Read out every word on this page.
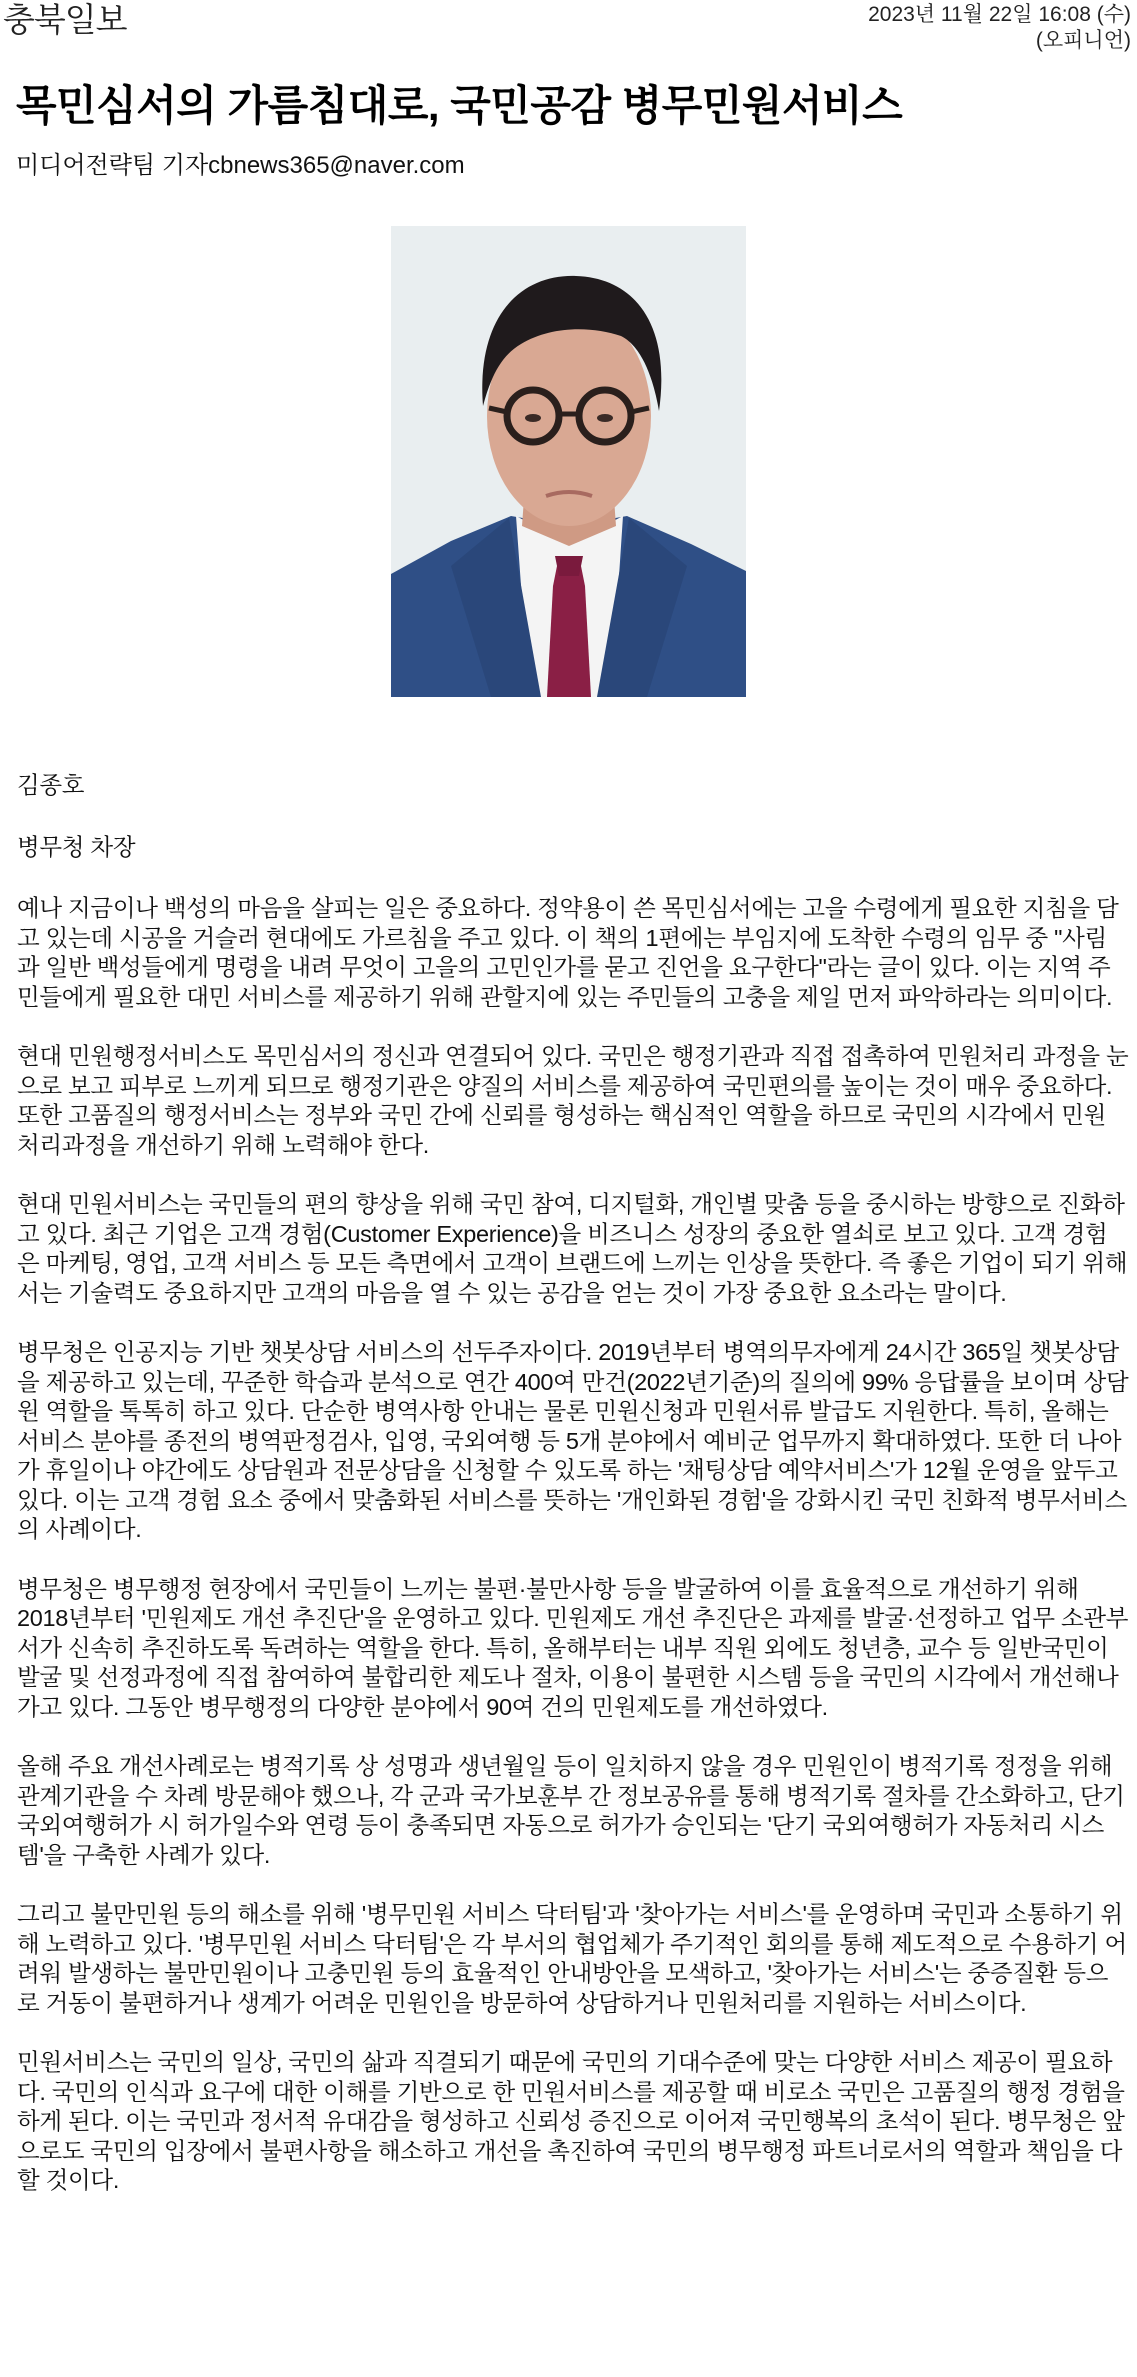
충북일보	2023년 11월 22일 16:08 (수)
(오피니언)
목민심서의 가름침대로, 국민공감 병무민원서비스
미디어전략팀 기자cbnews365@naver.com

김종호

병무청 차장

예나 지금이나 백성의 마음을 살피는 일은 중요하다. 정약용이 쓴 목민심서에는 고을 수령에게 필요한 지침을 담고 있는데 시공을 거슬러 현대에도 가르침을 주고 있다. 이 책의 1편에는 부임지에 도착한 수령의 임무 중 "사림과 일반 백성들에게 명령을 내려 무엇이 고을의 고민인가를 묻고 진언을 요구한다"라는 글이 있다. 이는 지역 주민들에게 필요한 대민 서비스를 제공하기 위해 관할지에 있는 주민들의 고충을 제일 먼저 파악하라는 의미이다.

현대 민원행정서비스도 목민심서의 정신과 연결되어 있다. 국민은 행정기관과 직접 접촉하여 민원처리 과정을 눈으로 보고 피부로 느끼게 되므로 행정기관은 양질의 서비스를 제공하여 국민편의를 높이는 것이 매우 중요하다. 또한 고품질의 행정서비스는 정부와 국민 간에 신뢰를 형성하는 핵심적인 역할을 하므로 국민의 시각에서 민원 처리과정을 개선하기 위해 노력해야 한다.

현대 민원서비스는 국민들의 편의 향상을 위해 국민 참여, 디지털화, 개인별 맞춤 등을 중시하는 방향으로 진화하고 있다. 최근 기업은 고객 경험(Customer Experience)을 비즈니스 성장의 중요한 열쇠로 보고 있다. 고객 경험은 마케팅, 영업, 고객 서비스 등 모든 측면에서 고객이 브랜드에 느끼는 인상을 뜻한다. 즉 좋은 기업이 되기 위해서는 기술력도 중요하지만 고객의 마음을 열 수 있는 공감을 얻는 것이 가장 중요한 요소라는 말이다.

병무청은 인공지능 기반 챗봇상담 서비스의 선두주자이다. 2019년부터 병역의무자에게 24시간 365일 챗봇상담을 제공하고 있는데, 꾸준한 학습과 분석으로 연간 400여 만건(2022년기준)의 질의에 99% 응답률을 보이며 상담원 역할을 톡톡히 하고 있다. 단순한 병역사항 안내는 물론 민원신청과 민원서류 발급도 지원한다. 특히, 올해는 서비스 분야를 종전의 병역판정검사, 입영, 국외여행 등 5개 분야에서 예비군 업무까지 확대하였다. 또한 더 나아가 휴일이나 야간에도 상담원과 전문상담을 신청할 수 있도록 하는 '채팅상담 예약서비스'가 12월 운영을 앞두고 있다. 이는 고객 경험 요소 중에서 맞춤화된 서비스를 뜻하는 '개인화된 경험'을 강화시킨 국민 친화적 병무서비스의 사례이다.

병무청은 병무행정 현장에서 국민들이 느끼는 불편·불만사항 등을 발굴하여 이를 효율적으로 개선하기 위해 2018년부터 '민원제도 개선 추진단'을 운영하고 있다. 민원제도 개선 추진단은 과제를 발굴·선정하고 업무 소관부서가 신속히 추진하도록 독려하는 역할을 한다. 특히, 올해부터는 내부 직원 외에도 청년층, 교수 등 일반국민이 발굴 및 선정과정에 직접 참여하여 불합리한 제도나 절차, 이용이 불편한 시스템 등을 국민의 시각에서 개선해나가고 있다. 그동안 병무행정의 다양한 분야에서 90여 건의 민원제도를 개선하였다.

올해 주요 개선사례로는 병적기록 상 성명과 생년월일 등이 일치하지 않을 경우 민원인이 병적기록 정정을 위해 관계기관을 수 차례 방문해야 했으나, 각 군과 국가보훈부 간 정보공유를 통해 병적기록 절차를 간소화하고, 단기 국외여행허가 시 허가일수와 연령 등이 충족되면 자동으로 허가가 승인되는 '단기 국외여행허가 자동처리 시스템'을 구축한 사례가 있다.

그리고 불만민원 등의 해소를 위해 '병무민원 서비스 닥터팀'과 '찾아가는 서비스'를 운영하며 국민과 소통하기 위해 노력하고 있다. '병무민원 서비스 닥터팀'은 각 부서의 협업체가 주기적인 회의를 통해 제도적으로 수용하기 어려워 발생하는 불만민원이나 고충민원 등의 효율적인 안내방안을 모색하고, '찾아가는 서비스'는 중증질환 등으로 거동이 불편하거나 생계가 어려운 민원인을 방문하여 상담하거나 민원처리를 지원하는 서비스이다.

민원서비스는 국민의 일상, 국민의 삶과 직결되기 때문에 국민의 기대수준에 맞는 다양한 서비스 제공이 필요하다. 국민의 인식과 요구에 대한 이해를 기반으로 한 민원서비스를 제공할 때 비로소 국민은 고품질의 행정 경험을 하게 된다. 이는 국민과 정서적 유대감을 형성하고 신뢰성 증진으로 이어져 국민행복의 초석이 된다. 병무청은 앞으로도 국민의 입장에서 불편사항을 해소하고 개선을 촉진하여 국민의 병무행정 파트너로서의 역할과 책임을 다할 것이다.
